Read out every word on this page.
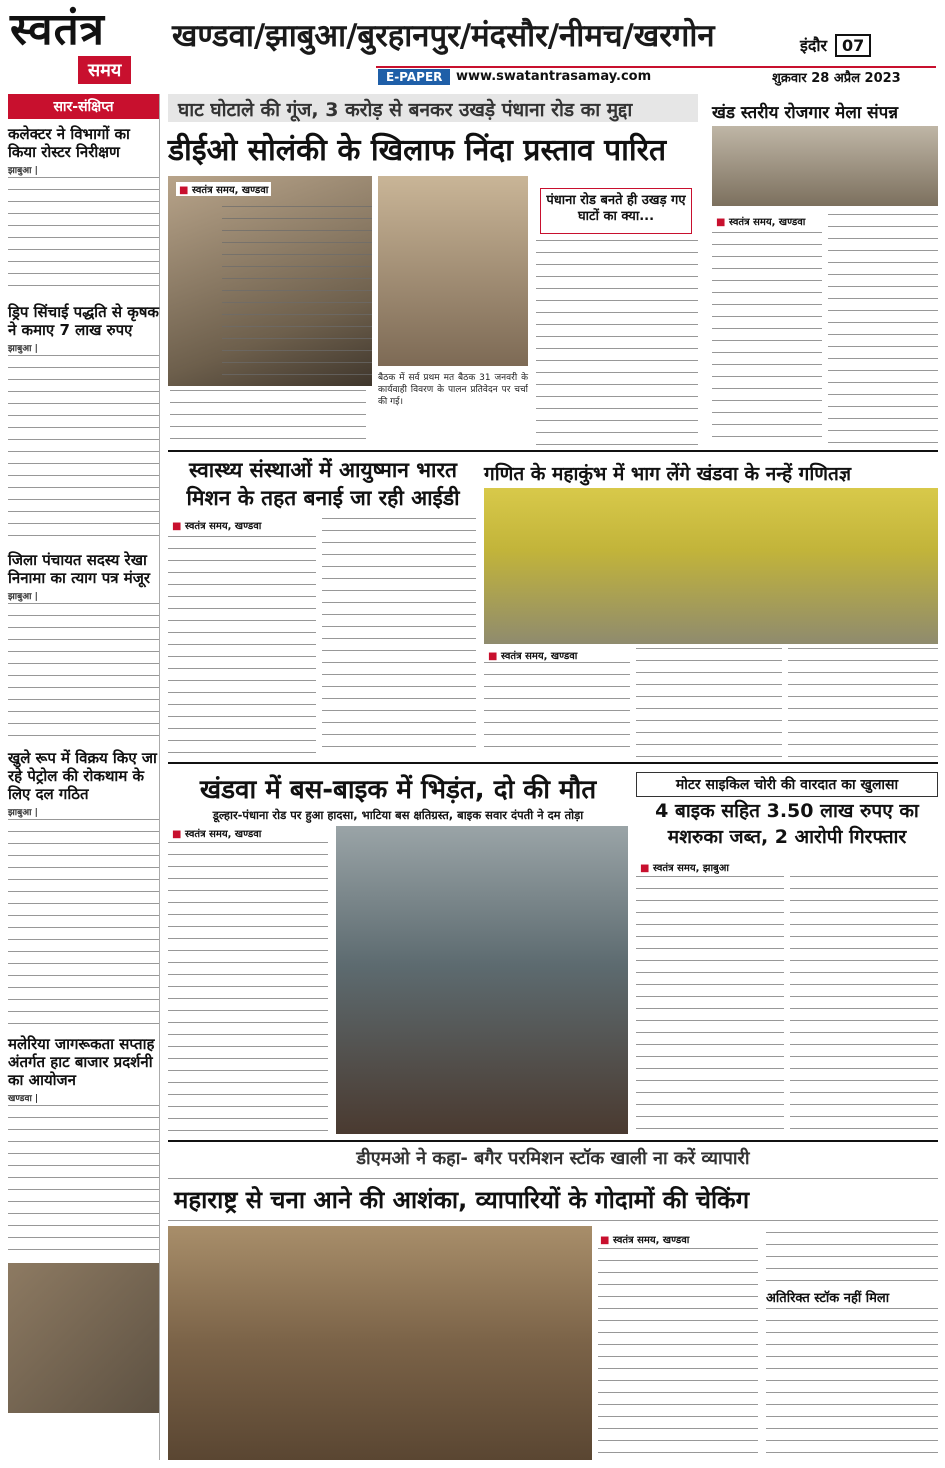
स्वतंत्र
समय
खण्डवा/झाबुआ/बुरहानपुर/मंदसौर/नीमच/खरगोन	इंदौर 07
E-PAPER	www.swatantrasamay.com	शुक्रवार 28 अप्रैल 2023
सार-संक्षिप्त
कलेक्टर ने विभागों का किया रोस्टर निरीक्षण
झाबुआ |
ड्रिप सिंचाई पद्धति से कृषक ने कमाए 7 लाख रुपए
झाबुआ |
जिला पंचायत सदस्य रेखा निनामा का त्याग पत्र मंजूर
झाबुआ |
खुले रूप में विक्रय किए जा रहे पेट्रोल की रोकथाम के लिए दल गठित
झाबुआ |
मलेरिया जागरूकता सप्ताह अंतर्गत हाट बाजार प्रदर्शनी का आयोजन
खण्डवा |
घाट घोटाले की गूंज, 3 करोड़ से बनकर उखड़े पंधाना रोड का मुद्दा
डीईओ सोलंकी के खिलाफ निंदा प्रस्ताव पारित
पंधाना रोड बनते ही उखड़ गए घाटों का क्या...
■ स्वतंत्र समय, खण्डवा
बैठक में सर्व प्रथम मत बैठक 31 जनवरी के कार्यवाही विवरण के पालन प्रतिवेदन पर चर्चा की गई।
खंड स्तरीय रोजगार मेला संपन्न
■ स्वतंत्र समय, खण्डवा
स्वास्थ्य संस्थाओं में आयुष्मान भारत
मिशन के तहत बनाई जा रही आईडी
■ स्वतंत्र समय, खण्डवा
गणित के महाकुंभ में भाग लेंगे खंडवा के नन्हें गणितज्ञ
■ स्वतंत्र समय, खण्डवा
खंडवा में बस-बाइक में भिड़ंत, दो की मौत
डूल्हार-पंधाना रोड पर हुआ हादसा, भाटिया बस क्षतिग्रस्त, बाइक सवार दंपती ने दम तोड़ा
■ स्वतंत्र समय, खण्डवा
मोटर साइकिल चोरी की वारदात का खुलासा
4 बाइक सहित 3.50 लाख रुपए का
मशरुका जब्त, 2 आरोपी गिरफ्तार
■ स्वतंत्र समय, झाबुआ
डीएमओ ने कहा- बगैर परमिशन स्टॉक खाली ना करें व्यापारी
महाराष्ट्र से चना आने की आशंका, व्यापारियों के गोदामों की चेकिंग
■ स्वतंत्र समय, खण्डवा
अतिरिक्त स्टॉक नहीं मिला
